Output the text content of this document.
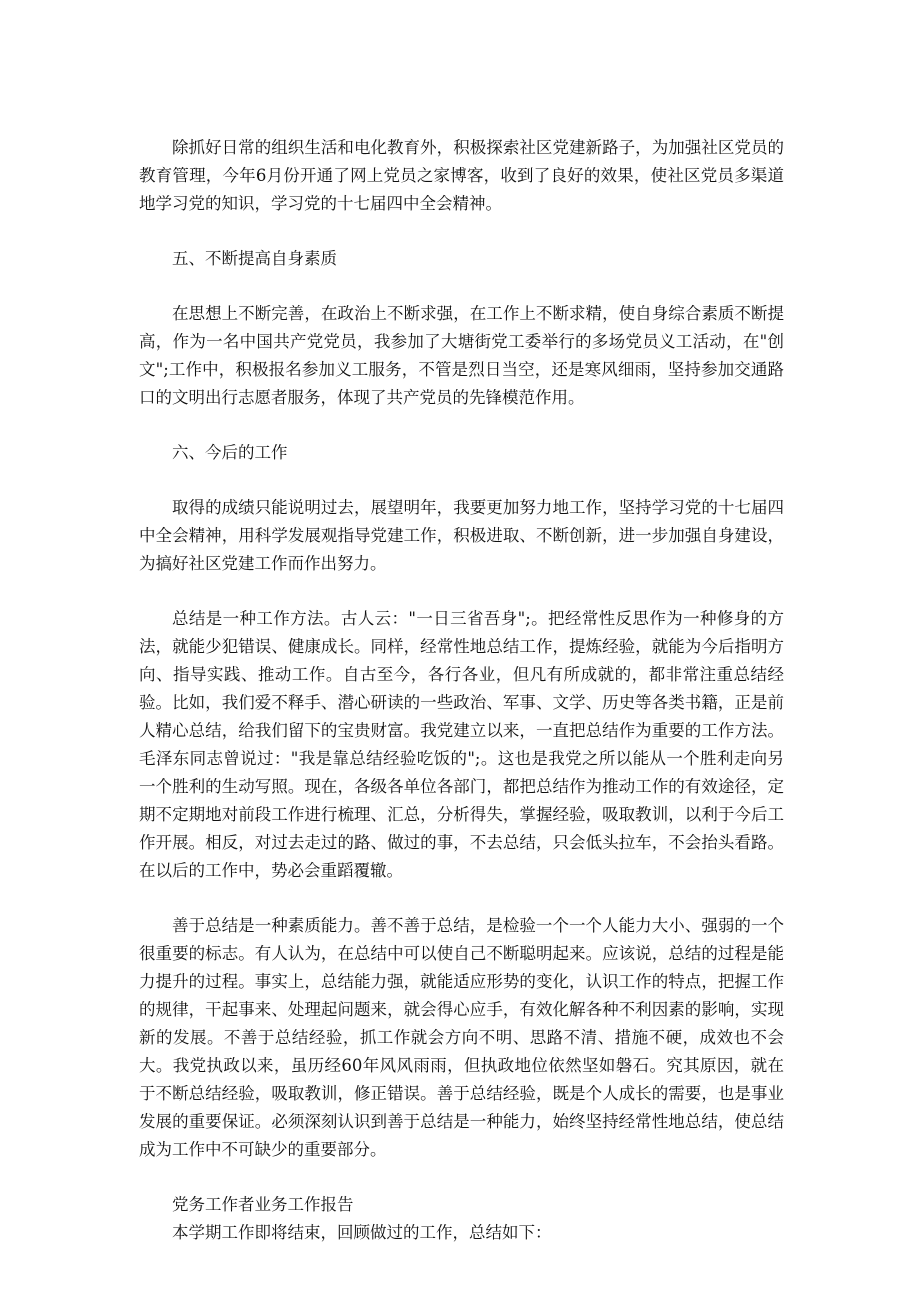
除抓好日常的组织生活和电化教育外，积极探索社区党建新路子，为加强社区党员的教育管理，今年6月份开通了网上党员之家博客，收到了良好的效果，使社区党员多渠道地学习党的知识，学习党的十七届四中全会精神。

五、不断提高自身素质

在思想上不断完善，在政治上不断求强，在工作上不断求精，使自身综合素质不断提高，作为一名中国共产党党员，我参加了大塘街党工委举行的多场党员义工活动，在"创文";工作中，积极报名参加义工服务，不管是烈日当空，还是寒风细雨，坚持参加交通路口的文明出行志愿者服务，体现了共产党员的先锋模范作用。

六、今后的工作

取得的成绩只能说明过去，展望明年，我要更加努力地工作，坚持学习党的十七届四中全会精神，用科学发展观指导党建工作，积极进取、不断创新，进一步加强自身建设，为搞好社区党建工作而作出努力。

总结是一种工作方法。古人云："一日三省吾身";。把经常性反思作为一种修身的方法，就能少犯错误、健康成长。同样，经常性地总结工作，提炼经验，就能为今后指明方向、指导实践、推动工作。自古至今，各行各业，但凡有所成就的，都非常注重总结经验。比如，我们爱不释手、潜心研读的一些政治、军事、文学、历史等各类书籍，正是前人精心总结，给我们留下的宝贵财富。我党建立以来，一直把总结作为重要的工作方法。毛泽东同志曾说过："我是靠总结经验吃饭的";。这也是我党之所以能从一个胜利走向另一个胜利的生动写照。现在，各级各单位各部门，都把总结作为推动工作的有效途径，定期不定期地对前段工作进行梳理、汇总，分析得失，掌握经验，吸取教训，以利于今后工作开展。相反，对过去走过的路、做过的事，不去总结，只会低头拉车，不会抬头看路。在以后的工作中，势必会重蹈覆辙。

善于总结是一种素质能力。善不善于总结，是检验一个一个人能力大小、强弱的一个很重要的标志。有人认为，在总结中可以使自己不断聪明起来。应该说，总结的过程是能力提升的过程。事实上，总结能力强，就能适应形势的变化，认识工作的特点，把握工作的规律，干起事来、处理起问题来，就会得心应手，有效化解各种不利因素的影响，实现新的发展。不善于总结经验，抓工作就会方向不明、思路不清、措施不硬，成效也不会大。我党执政以来，虽历经60年风风雨雨，但执政地位依然坚如磐石。究其原因，就在于不断总结经验，吸取教训，修正错误。善于总结经验，既是个人成长的需要，也是事业发展的重要保证。必须深刻认识到善于总结是一种能力，始终坚持经常性地总结，使总结成为工作中不可缺少的重要部分。

党务工作者业务工作报告

本学期工作即将结束，回顾做过的工作，总结如下：
